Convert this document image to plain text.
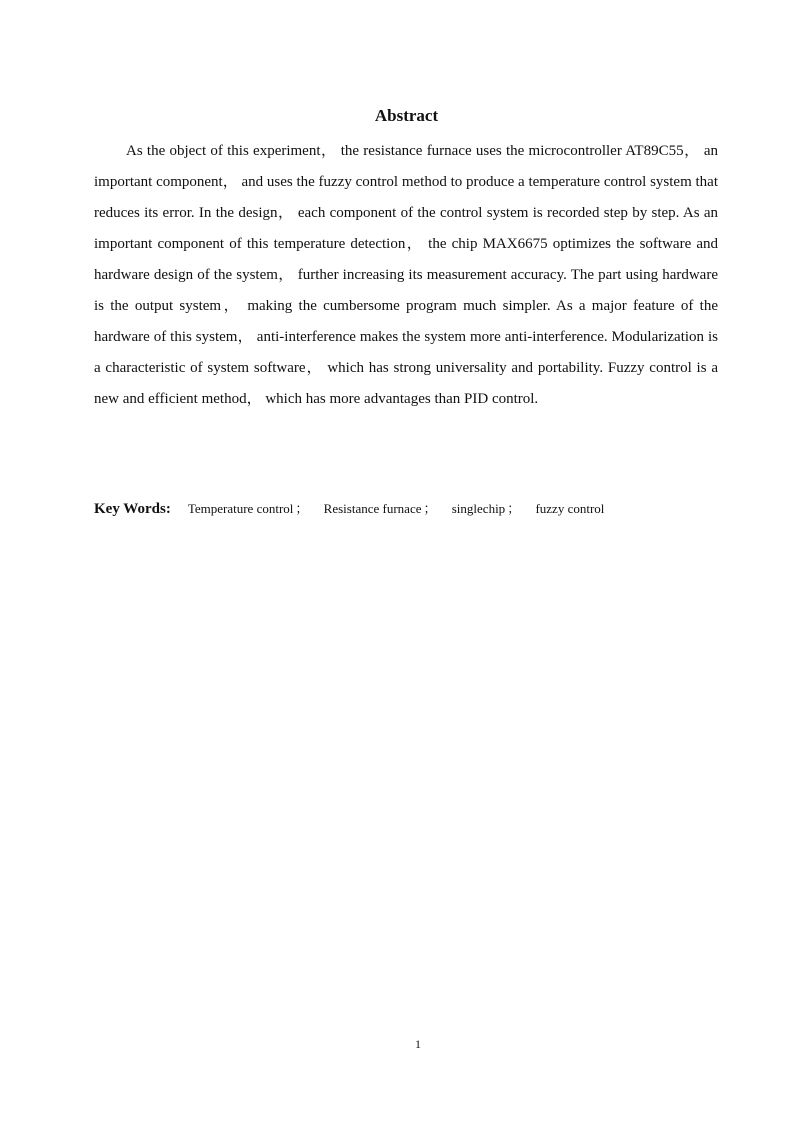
Abstract

As the object of this experiment， the resistance furnace uses the microcontroller AT89C55， an important component， and uses the fuzzy control method to produce a temperature control system that reduces its error. In the design， each component of the control system is recorded step by step. As an important component of this temperature detection， the chip MAX6675 optimizes the software and hardware design of the system， further increasing its measurement accuracy. The part using hardware is the output system， making the cumbersome program much simpler. As a major feature of the hardware of this system， anti-interference makes the system more anti-interference. Modularization is a characteristic of system software， which has strong universality and portability. Fuzzy control is a new and efficient method， which has more advantages than PID control.

Key Words: Temperature control ； Resistance furnace ； singlechip ； fuzzy control
1
